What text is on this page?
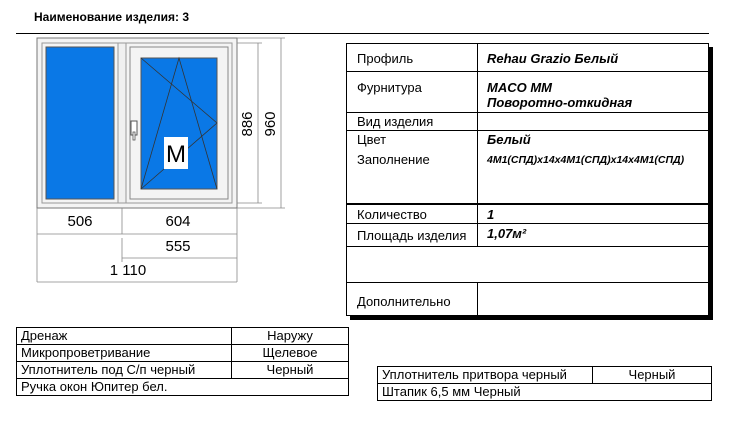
Наименование изделия: 3
M
506	604
555
1 110
886 960
Профиль	Rehau Grazio Белый
Фурнитура	MACO MM
Поворотно-откидная
Вид изделия
Цвет	Белый
Заполнение	4М1(СПД)x14x4М1(СПД)x14x4М1(СПД)
Количество	1
Площадь изделия 1,07м²
Дополнительно
Дренаж	Наружу
Микропроветривание	Щелевое
Уплотнитель под С/п черный	Черный
Ручка окон Юпитер бел.	
Уплотнитель притвора черный	Черный
Штапик 6,5 мм Черный
